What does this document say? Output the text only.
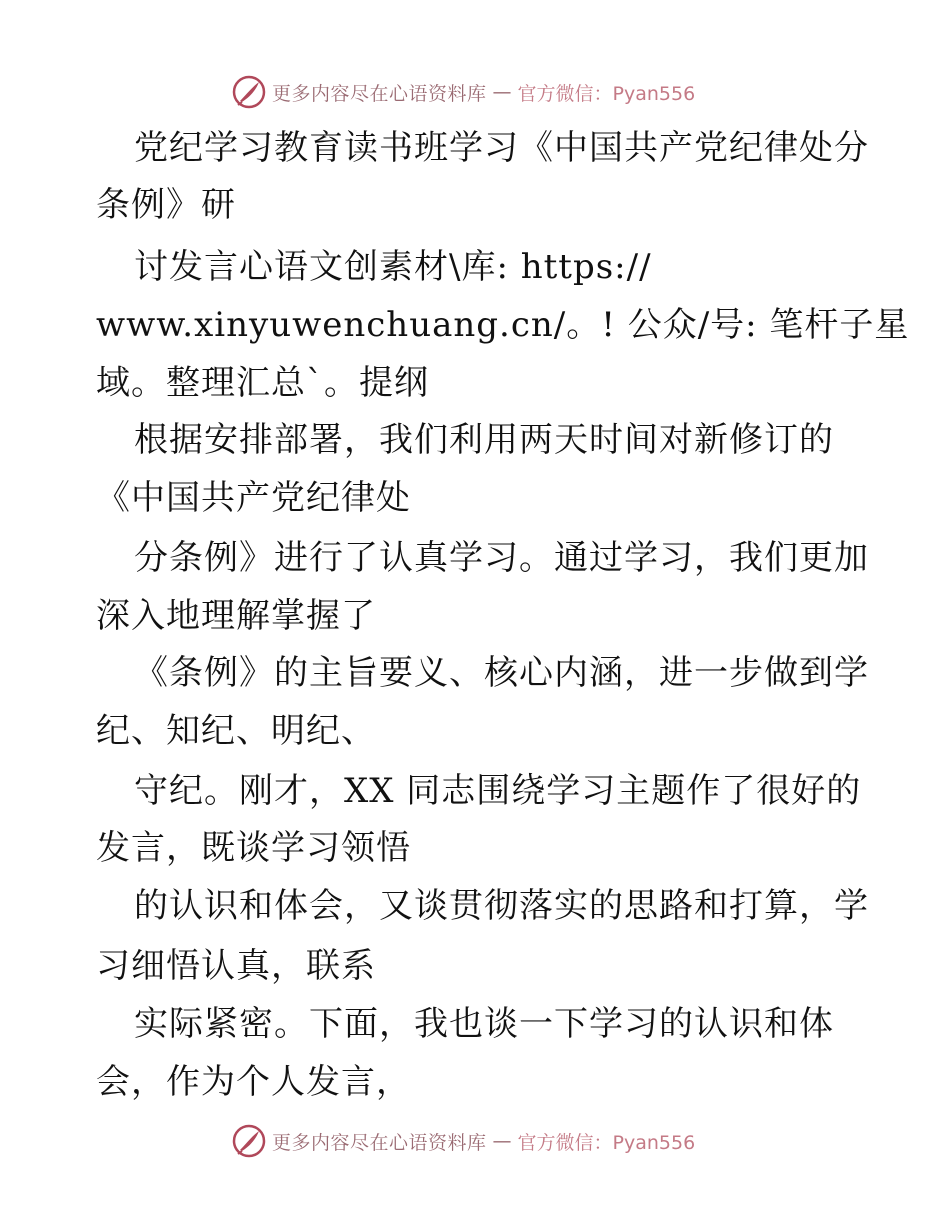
更多内容尽在心语资料库 — 官方微信：Pyan556
党纪学习教育读书班学习《中国共产党纪律处分
条例》研
讨发言心语文创素材\库: https://
www.xinyuwenchuang.cn/。! 公众/号: 笔杆子星
域。整理汇总`。提纲
根据安排部署，我们利用两天时间对新修订的
《中国共产党纪律处
分条例》进行了认真学习。通过学习，我们更加
深入地理解掌握了
《条例》的主旨要义、核心内涵，进一步做到学
纪、知纪、明纪、
守纪。刚才，XX 同志围绕学习主题作了很好的
发言，既谈学习领悟
的认识和体会，又谈贯彻落实的思路和打算，学
习细悟认真，联系
实际紧密。下面，我也谈一下学习的认识和体
会，作为个人发言，
更多内容尽在心语资料库 — 官方微信：Pyan556
